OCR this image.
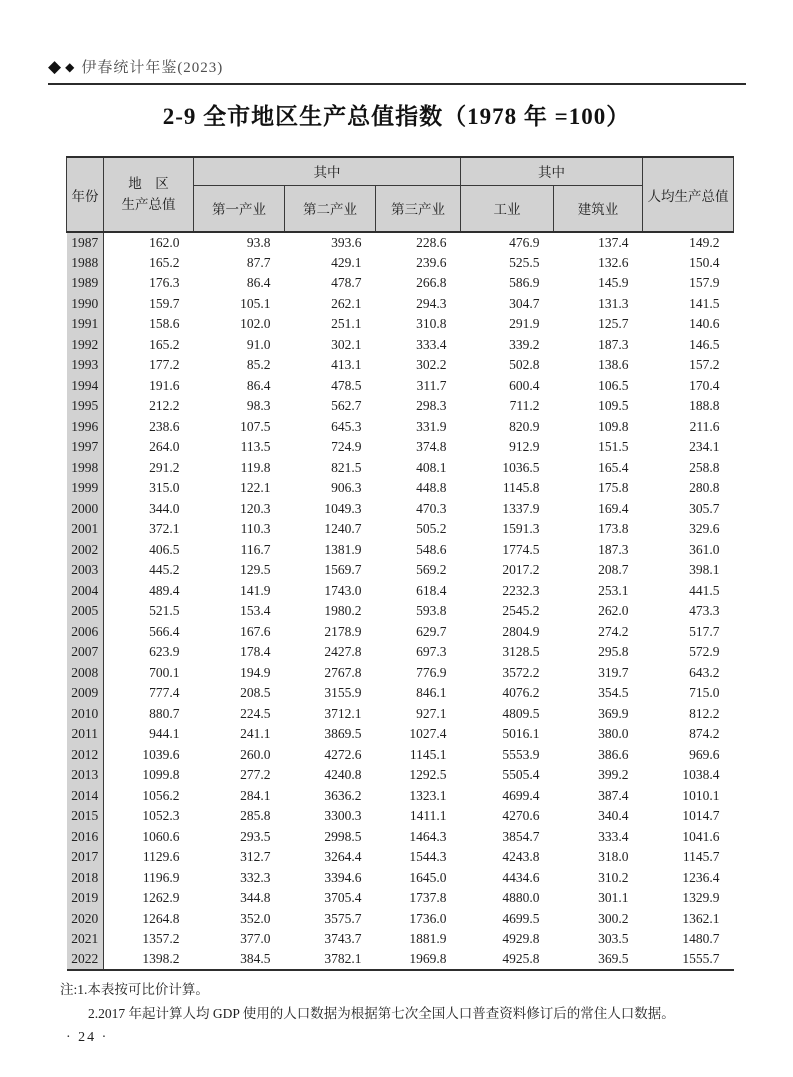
◆ ◆ 伊春统计年鉴(2023)
2-9 全市地区生产总值指数（1978 年 =100）
年份	地　区
生产总值	其中			其中		人均生产总值
		第一产业	第二产业	第三产业	工业	建筑业	
1987	162.0	93.8	393.6	228.6	476.9	137.4	149.2
1988	165.2	87.7	429.1	239.6	525.5	132.6	150.4
1989	176.3	86.4	478.7	266.8	586.9	145.9	157.9
1990	159.7	105.1	262.1	294.3	304.7	131.3	141.5
1991	158.6	102.0	251.1	310.8	291.9	125.7	140.6
1992	165.2	91.0	302.1	333.4	339.2	187.3	146.5
1993	177.2	85.2	413.1	302.2	502.8	138.6	157.2
1994	191.6	86.4	478.5	311.7	600.4	106.5	170.4
1995	212.2	98.3	562.7	298.3	711.2	109.5	188.8
1996	238.6	107.5	645.3	331.9	820.9	109.8	211.6
1997	264.0	113.5	724.9	374.8	912.9	151.5	234.1
1998	291.2	119.8	821.5	408.1	1036.5	165.4	258.8
1999	315.0	122.1	906.3	448.8	1145.8	175.8	280.8
2000	344.0	120.3	1049.3	470.3	1337.9	169.4	305.7
2001	372.1	110.3	1240.7	505.2	1591.3	173.8	329.6
2002	406.5	116.7	1381.9	548.6	1774.5	187.3	361.0
2003	445.2	129.5	1569.7	569.2	2017.2	208.7	398.1
2004	489.4	141.9	1743.0	618.4	2232.3	253.1	441.5
2005	521.5	153.4	1980.2	593.8	2545.2	262.0	473.3
2006	566.4	167.6	2178.9	629.7	2804.9	274.2	517.7
2007	623.9	178.4	2427.8	697.3	3128.5	295.8	572.9
2008	700.1	194.9	2767.8	776.9	3572.2	319.7	643.2
2009	777.4	208.5	3155.9	846.1	4076.2	354.5	715.0
2010	880.7	224.5	3712.1	927.1	4809.5	369.9	812.2
2011	944.1	241.1	3869.5	1027.4	5016.1	380.0	874.2
2012	1039.6	260.0	4272.6	1145.1	5553.9	386.6	969.6
2013	1099.8	277.2	4240.8	1292.5	5505.4	399.2	1038.4
2014	1056.2	284.1	3636.2	1323.1	4699.4	387.4	1010.1
2015	1052.3	285.8	3300.3	1411.1	4270.6	340.4	1014.7
2016	1060.6	293.5	2998.5	1464.3	3854.7	333.4	1041.6
2017	1129.6	312.7	3264.4	1544.3	4243.8	318.0	1145.7
2018	1196.9	332.3	3394.6	1645.0	4434.6	310.2	1236.4
2019	1262.9	344.8	3705.4	1737.8	4880.0	301.1	1329.9
2020	1264.8	352.0	3575.7	1736.0	4699.5	300.2	1362.1
2021	1357.2	377.0	3743.7	1881.9	4929.8	303.5	1480.7
2022	1398.2	384.5	3782.1	1969.8	4925.8	369.5	1555.7
注:1.本表按可比价计算。
2.2017 年起计算人均 GDP 使用的人口数据为根据第七次全国人口普查资料修订后的常住人口数据。
· 24 ·
